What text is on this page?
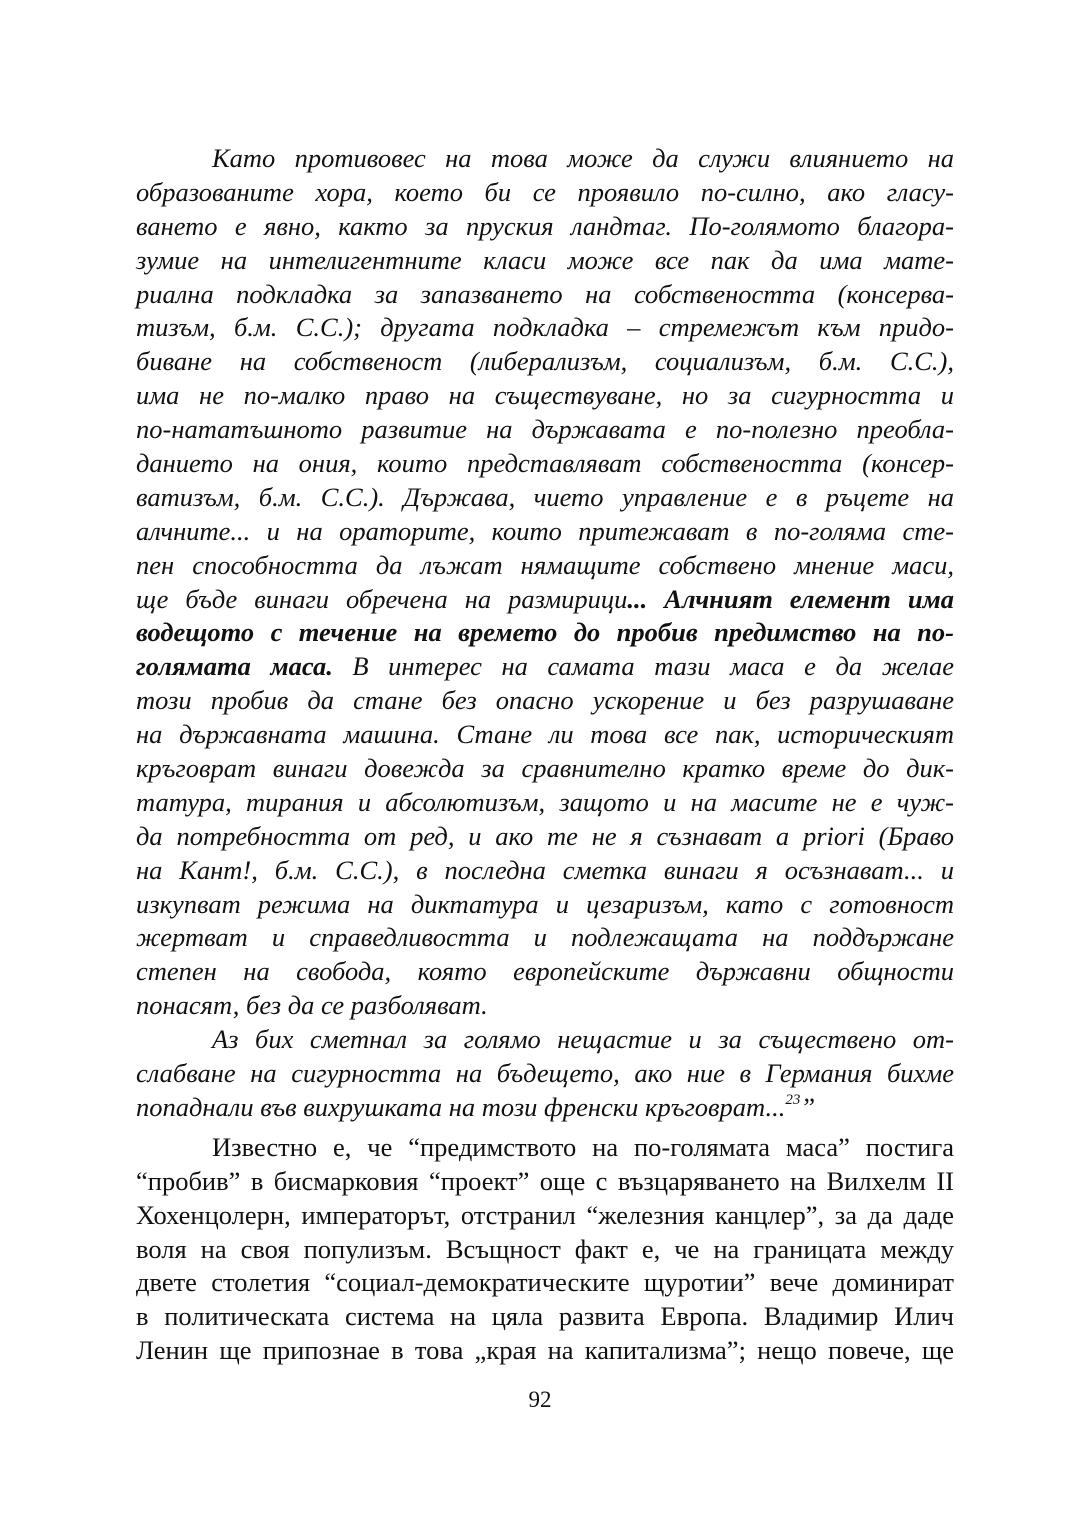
Като противовес на това може да служи влиянието на
образованите хора, което би се проявило по-силно, ако гласу-
ването е явно, както за пруския ландтаг. По-голямото благора-
зумие на интелигентните класи може все пак да има мате-
риална подкладка за запазването на собствеността (консерва-
тизъм, б.м. С.С.); другата подкладка – стремежът към придо-
биване на собственост (либерализъм, социализъм, б.м. С.С.),
има не по-малко право на съществуване, но за сигурността и
по-нататъшното развитие на държавата е по-полезно преобла-
данието на ония, които представляват собствеността (консер-
ватизъм, б.м. С.С.). Държава, чието управление е в ръцете на
алчните... и на ораторите, които притежават в по-голяма сте-
пен способността да лъжат нямащите собствено мнение маси,
ще бъде винаги обречена на размирици... Алчният елемент има
водещото с течение на времето до пробив предимство на по-
голямата маса. В интерес на самата тази маса е да желае
този пробив да стане без опасно ускорение и без разрушаване
на държавната машина. Стане ли това все пак, историческият
кръговрат винаги довежда за сравнително кратко време до дик-
татура, тирания и абсолютизъм, защото и на масите не е чуж-
да потребността от ред, и ако те не я съзнават a priori (Браво
на Кант!, б.м. С.С.), в последна сметка винаги я осъзнават... и
изкупват режима на диктатура и цезаризъм, като с готовност
жертват и справедливостта и подлежащата на поддържане
степен на свобода, която европейските държавни общности
понасят, без да се разболяват.
Аз бих сметнал за голямо нещастие и за съществено от-
слабване на сигурността на бъдещето, ако ние в Германия бихме
попаднали във вихрушката на този френски кръговрат...$^{23}$”
Известно е, че “предимството на по-голямата маса” постига
“пробив” в бисмарковия “проект” още с възцаряването на Вилхелм II
Хохенцолерн, императорът, отстранил “железния канцлер”, за да даде
воля на своя популизъм. Всъщност факт е, че на границата между
двете столетия “социал-демократическите щуротии” вече доминират
в политическата система на цяла развита Европа. Владимир Илич
Ленин ще припознае в това „края на капитализма”; нещо повече, ще
92
